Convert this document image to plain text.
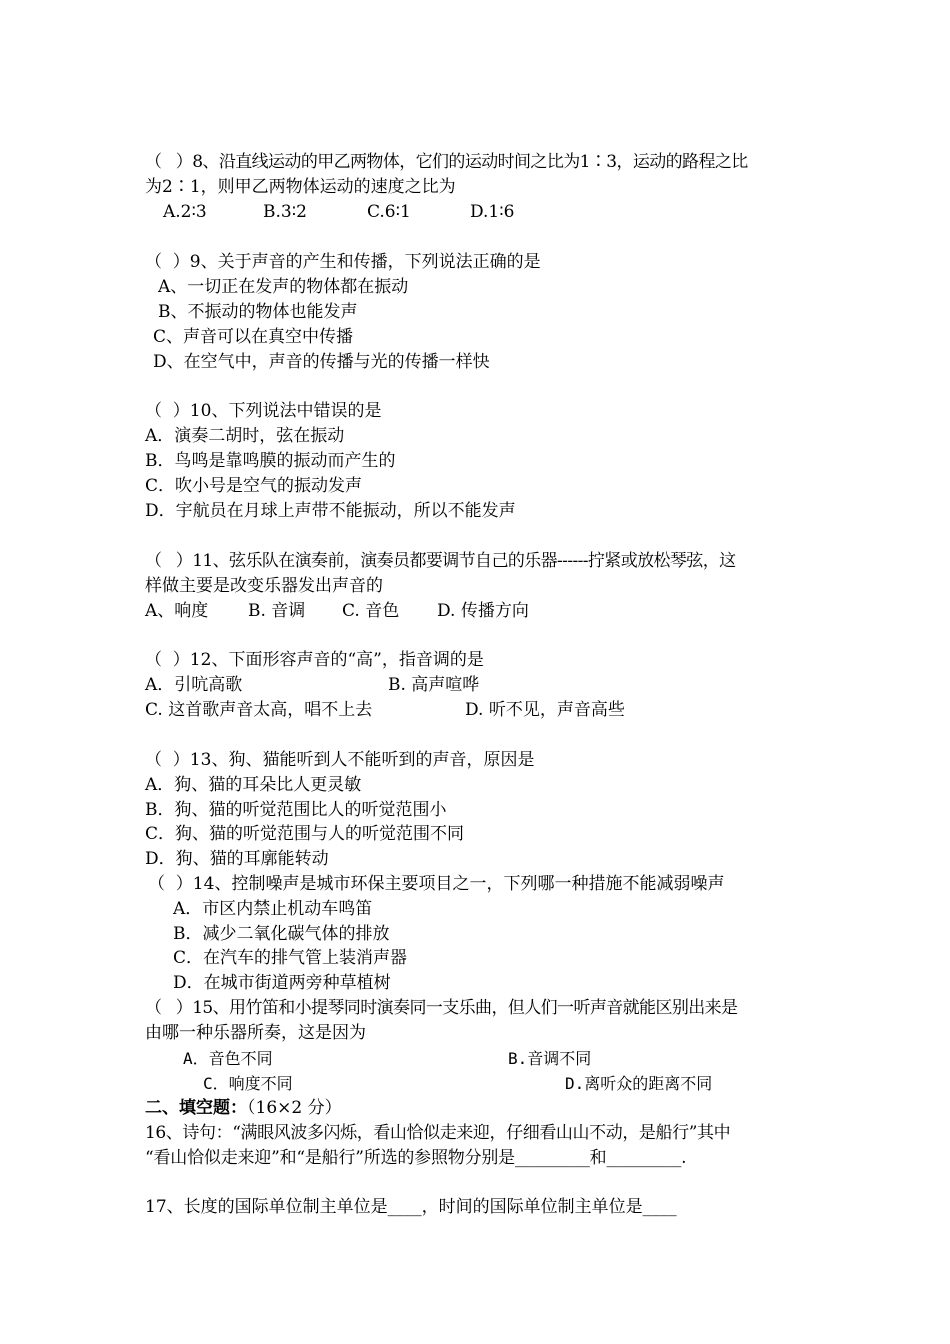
（   ）8、沿直线运动的甲乙两物体，它们的运动时间之比为1∶3，运动的路程之比
为2∶1，则甲乙两物体运动的速度之比为
A.2∶3	B.3∶2	C.6∶1	D.1∶6
（  ）9、关于声音的产生和传播，下列说法正确的是
A、一切正在发声的物体都在振动
B、不振动的物体也能发声
C、声音可以在真空中传播
D、在空气中，声音的传播与光的传播一样快
（  ）10、下列说法中错误的是
A．演奏二胡时，弦在振动
B．鸟鸣是靠鸣膜的振动而产生的
C．吹小号是空气的振动发声
D．宇航员在月球上声带不能振动，所以不能发声
（   ）11、弦乐队在演奏前，演奏员都要调节自己的乐器------拧紧或放松琴弦，这
样做主要是改变乐器发出声音的
A、响度 B. 音调 C. 音色 D. 传播方向
（  ）12、下面形容声音的“高”，指音调的是
A．引吭高歌	B. 高声喧哗
C. 这首歌声音太高，唱不上去	D. 听不见，声音高些
（  ）13、狗、猫能听到人不能听到的声音，原因是
A．狗、猫的耳朵比人更灵敏
B．狗、猫的听觉范围比人的听觉范围小
C．狗、猫的听觉范围与人的听觉范围不同
D．狗、猫的耳廓能转动
（  ）14、控制噪声是城市环保主要项目之一，下列哪一种措施不能减弱噪声
A．市区内禁止机动车鸣笛
B．减少二氧化碳气体的排放
C．在汽车的排气管上装消声器
D．在城市街道两旁种草植树
（   ）15、用竹笛和小提琴同时演奏同一支乐曲，但人们一听声音就能区别出来是
由哪一种乐器所奏，这是因为
A．音色不同	B.音调不同
C．响度不同	D.离听众的距离不同
二、填空题：（16×2 分）
16、诗句：“满眼风波多闪烁，看山恰似走来迎，仔细看山山不动，是船行”其中
“看山恰似走来迎”和“是船行”所选的参照物分别是_________和_________.
17、长度的国际单位制主单位是____，时间的国际单位制主单位是____
